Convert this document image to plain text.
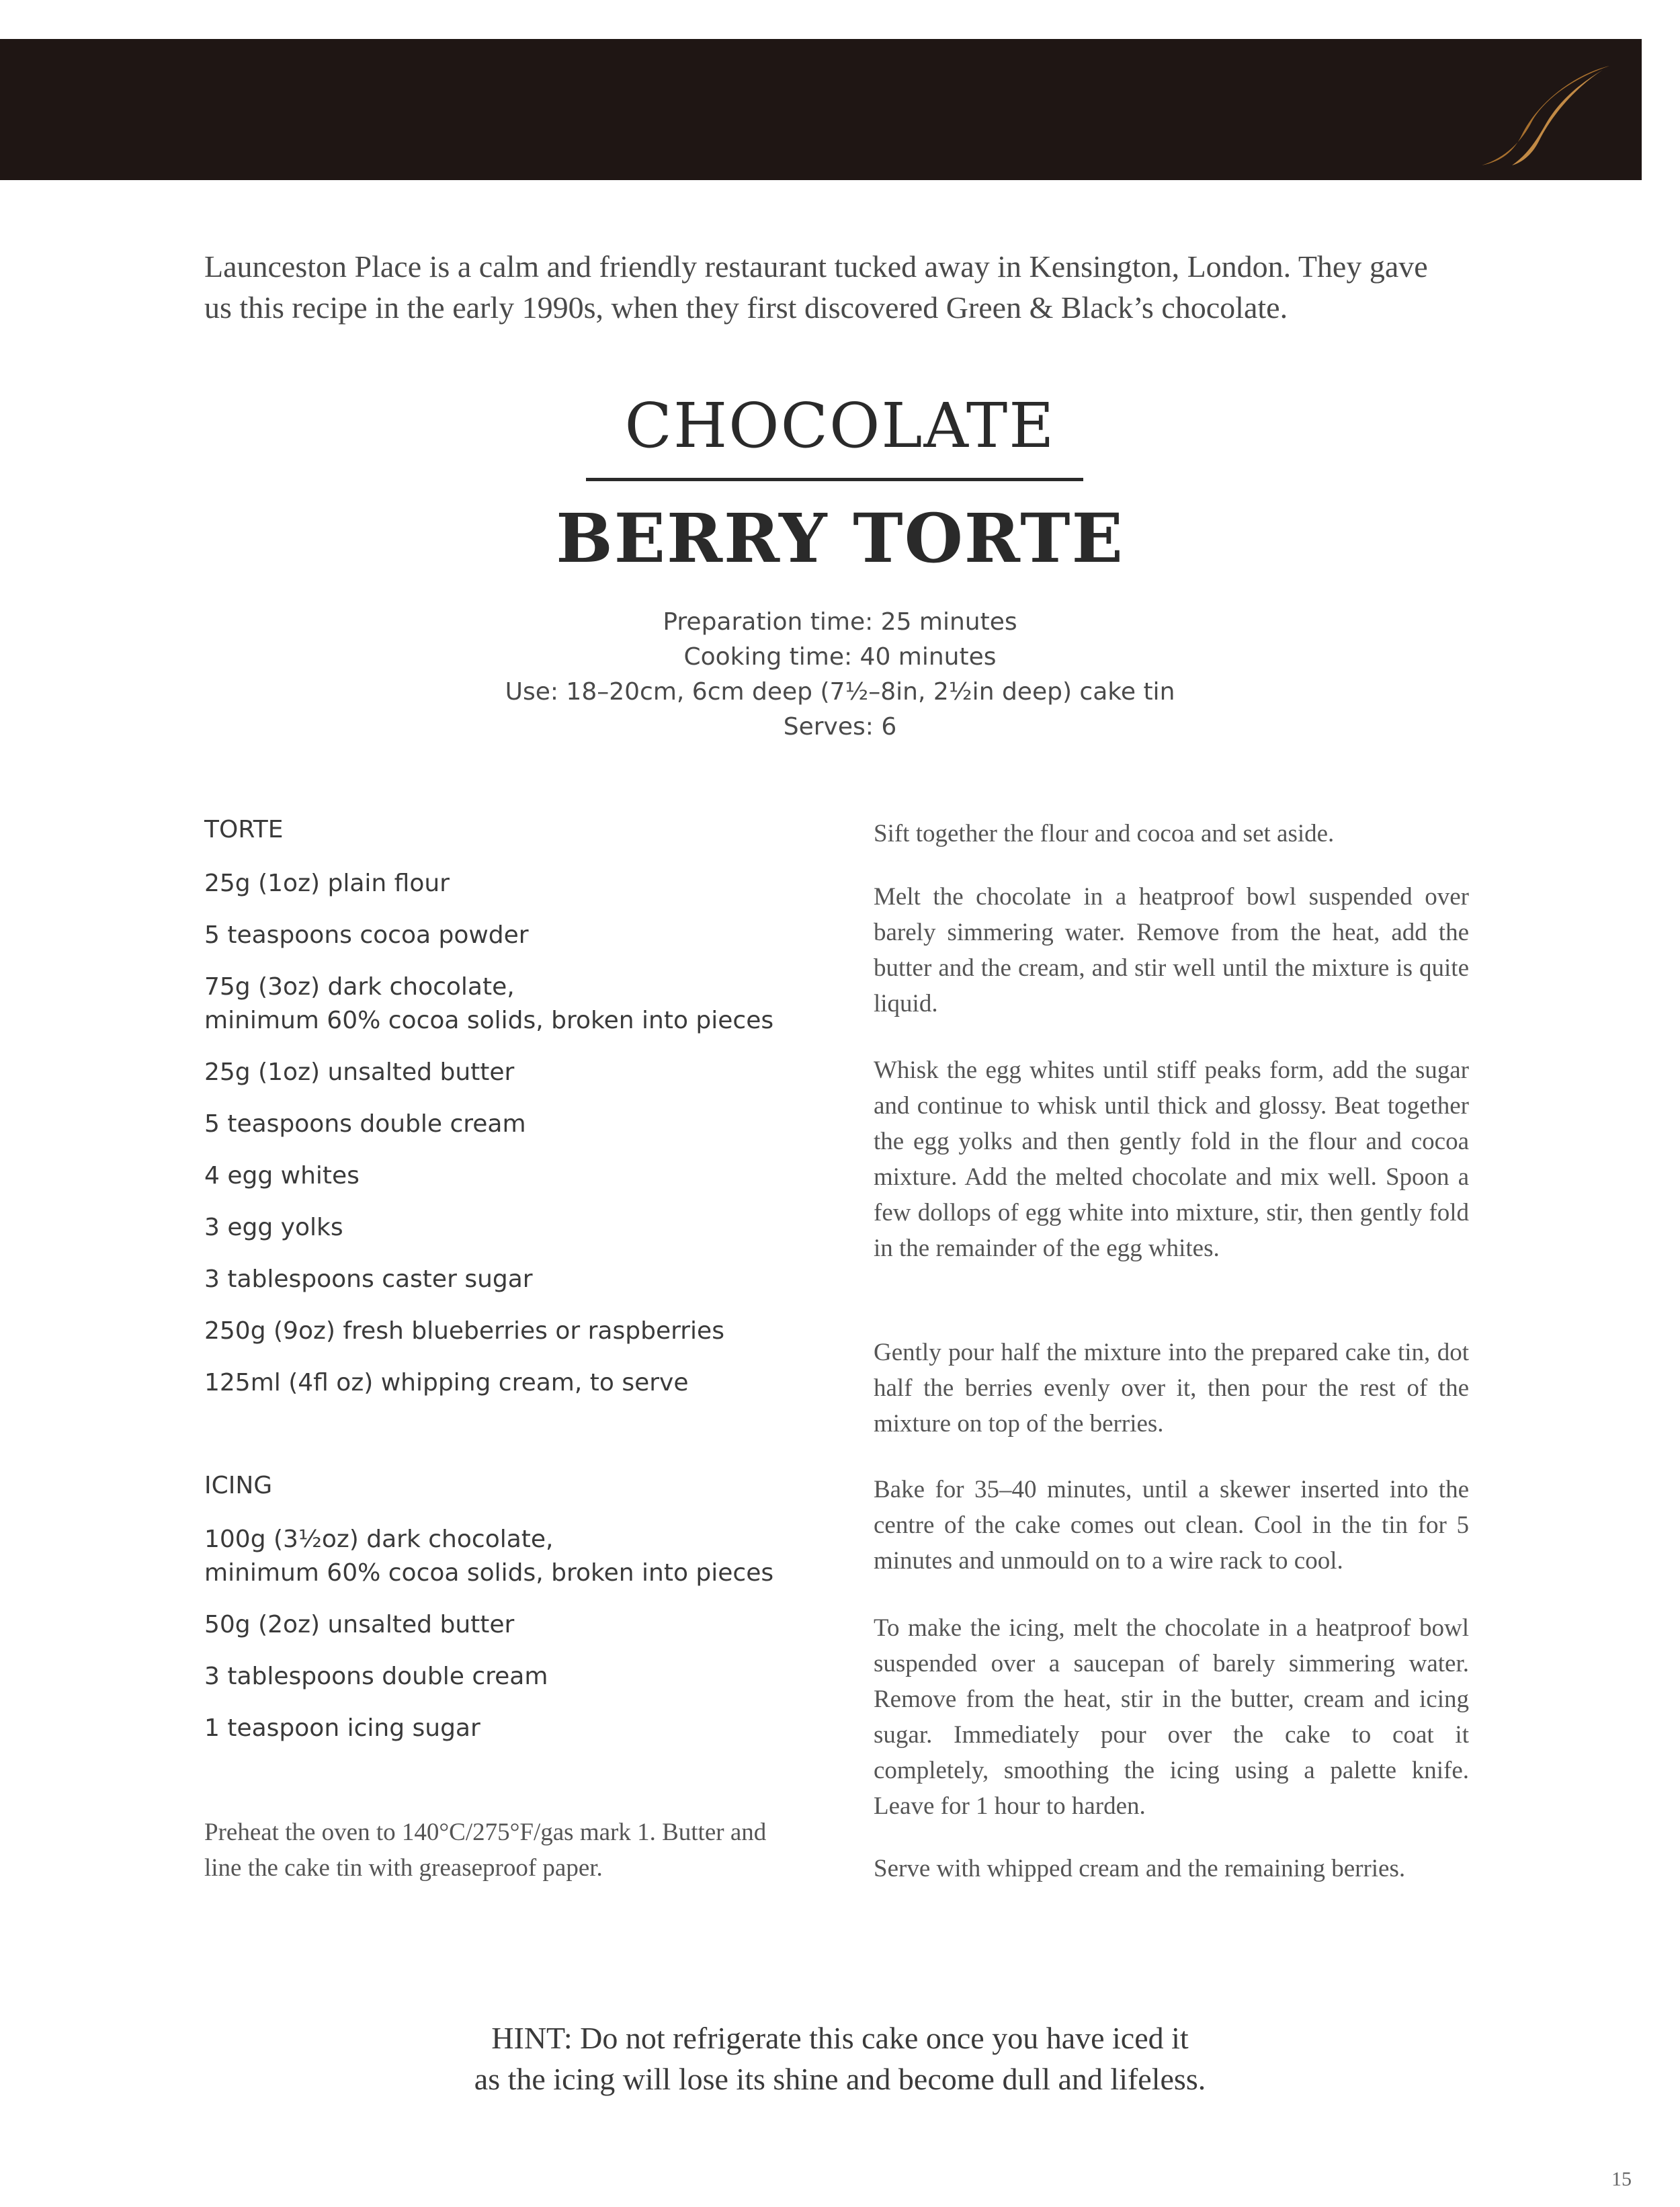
Launceston Place is a calm and friendly restaurant tucked away in Kensington, London. They gave
us this recipe in the early 1990s, when they first discovered Green & Black’s chocolate.
CHOCOLATE
BERRY TORTE
Preparation time: 25 minutes
Cooking time: 40 minutes
Use: 18–20cm, 6cm deep (7½–8in, 2½in deep) cake tin
Serves: 6
TORTE
25g (1oz) plain flour
5 teaspoons cocoa powder
75g (3oz) dark chocolate,
minimum 60% cocoa solids, broken into pieces
25g (1oz) unsalted butter
5 teaspoons double cream
4 egg whites
3 egg yolks
3 tablespoons caster sugar
250g (9oz) fresh blueberries or raspberries
125ml (4fl oz) whipping cream, to serve
ICING
100g (3½oz) dark chocolate,
minimum 60% cocoa solids, broken into pieces
50g (2oz) unsalted butter
3 tablespoons double cream
1 teaspoon icing sugar
Preheat the oven to 140°C/275°F/gas mark 1. Butter and line the cake tin with greaseproof paper.
Sift together the flour and cocoa and set aside.
Melt the chocolate in a heatproof bowl suspended over barely simmering water. Remove from the heat, add the butter and the cream, and stir well until the mixture is quite liquid.
Whisk the egg whites until stiff peaks form, add the sugar and continue to whisk until thick and glossy. Beat together the egg yolks and then gently fold in the flour and cocoa mixture. Add the melted chocolate and mix well. Spoon a few dollops of egg white into mixture, stir, then gently fold in the remainder of the egg whites.
Gently pour half the mixture into the prepared cake tin, dot half the berries evenly over it, then pour the rest of the mixture on top of the berries.
Bake for 35–40 minutes, until a skewer inserted into the centre of the cake comes out clean. Cool in the tin for 5 minutes and unmould on to a wire rack to cool.
To make the icing, melt the chocolate in a heatproof bowl suspended over a saucepan of barely simmering water. Remove from the heat, stir in the butter, cream and icing sugar. Immediately pour over the cake to coat it completely, smoothing the icing using a palette knife. Leave for 1 hour to harden.
Serve with whipped cream and the remaining berries.
HINT: Do not refrigerate this cake once you have iced it
as the icing will lose its shine and become dull and lifeless.
15
